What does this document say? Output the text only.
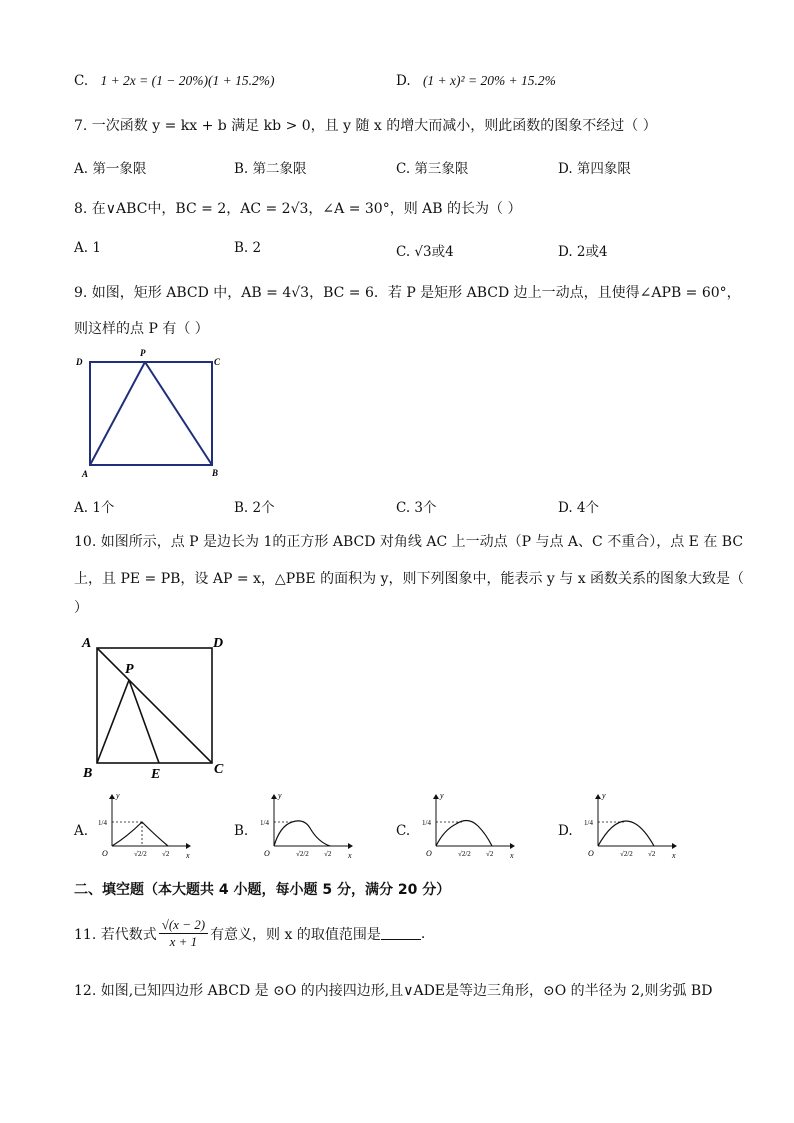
C. 1 + 2x = (1 − 20%)(1 + 15.2%)	D. (1 + x)² = 20% + 15.2%
7. 一次函数 y = kx + b 满足 kb > 0，且 y 随 x 的增大而减小，则此函数的图象不经过（ ）
A. 第一象限	B. 第二象限	C. 第三象限	D. 第四象限
8. 在∨ABC中，BC = 2，AC = 2√3，∠A = 30°，则 AB 的长为（ ）
A. 1	B. 2	C. √3或4	D. 2或4
9. 如图，矩形 ABCD 中，AB = 4√3，BC = 6．若 P 是矩形 ABCD 边上一动点，且使得∠APB = 60°，
则这样的点 P 有（ ）
D
P
C
A	B
A. 1个	B. 2个	C. 3个	D. 4个
10. 如图所示，点 P 是边长为 1的正方形 ABCD 对角线 AC 上一动点（P 与点 A、C 不重合），点 E 在 BC
上，且 PE = PB，设 AP = x，△PBE 的面积为 y，则下列图象中，能表示 y 与 x 函数关系的图象大致是（
）
A	D
P
B	E	C
A.	B.	C.	D.
y
x
O
1/4
√2/2 √2
y
x
O
1/4
√2/2 √2
y
x
O
1/4
√2/2 √2
y
x
O
1/4
√2/2 √2
二、填空题（本大题共 4 小题，每小题 5 分，满分 20 分）
11. 若代数式 $\frac{√(x - 2)}{x + 1}$ 有意义，则 x 的取值范围是	.
12. 如图,已知四边形 ABCD 是 ⊙O 的内接四边形,且∨ADE是等边三角形，⊙O 的半径为 2,则劣弧 BD
